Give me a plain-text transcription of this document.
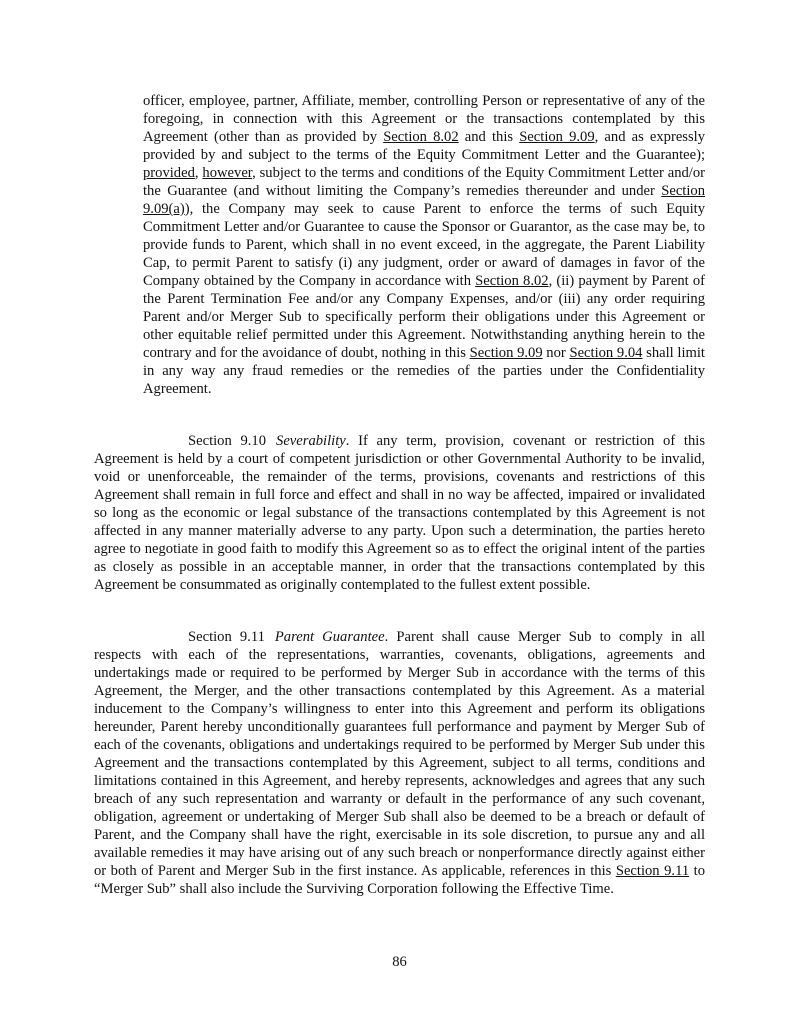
officer, employee, partner, Affiliate, member, controlling Person or representative of any of the foregoing, in connection with this Agreement or the transactions contemplated by this Agreement (other than as provided by Section 8.02 and this Section 9.09, and as expressly provided by and subject to the terms of the Equity Commitment Letter and the Guarantee); provided, however, subject to the terms and conditions of the Equity Commitment Letter and/or the Guarantee (and without limiting the Company’s remedies thereunder and under Section 9.09(a)), the Company may seek to cause Parent to enforce the terms of such Equity Commitment Letter and/or Guarantee to cause the Sponsor or Guarantor, as the case may be, to provide funds to Parent, which shall in no event exceed, in the aggregate, the Parent Liability Cap, to permit Parent to satisfy (i) any judgment, order or award of damages in favor of the Company obtained by the Company in accordance with Section 8.02, (ii) payment by Parent of the Parent Termination Fee and/or any Company Expenses, and/or (iii) any order requiring Parent and/or Merger Sub to specifically perform their obligations under this Agreement or other equitable relief permitted under this Agreement. Notwithstanding anything herein to the contrary and for the avoidance of doubt, nothing in this Section 9.09 nor Section 9.04 shall limit in any way any fraud remedies or the remedies of the parties under the Confidentiality Agreement.

Section 9.10 Severability. If any term, provision, covenant or restriction of this Agreement is held by a court of competent jurisdiction or other Governmental Authority to be invalid, void or unenforceable, the remainder of the terms, provisions, covenants and restrictions of this Agreement shall remain in full force and effect and shall in no way be affected, impaired or invalidated so long as the economic or legal substance of the transactions contemplated by this Agreement is not affected in any manner materially adverse to any party. Upon such a determination, the parties hereto agree to negotiate in good faith to modify this Agreement so as to effect the original intent of the parties as closely as possible in an acceptable manner, in order that the transactions contemplated by this Agreement be consummated as originally contemplated to the fullest extent possible.

Section 9.11 Parent Guarantee. Parent shall cause Merger Sub to comply in all respects with each of the representations, warranties, covenants, obligations, agreements and undertakings made or required to be performed by Merger Sub in accordance with the terms of this Agreement, the Merger, and the other transactions contemplated by this Agreement. As a material inducement to the Company’s willingness to enter into this Agreement and perform its obligations hereunder, Parent hereby unconditionally guarantees full performance and payment by Merger Sub of each of the covenants, obligations and undertakings required to be performed by Merger Sub under this Agreement and the transactions contemplated by this Agreement, subject to all terms, conditions and limitations contained in this Agreement, and hereby represents, acknowledges and agrees that any such breach of any such representation and warranty or default in the performance of any such covenant, obligation, agreement or undertaking of Merger Sub shall also be deemed to be a breach or default of Parent, and the Company shall have the right, exercisable in its sole discretion, to pursue any and all available remedies it may have arising out of any such breach or nonperformance directly against either or both of Parent and Merger Sub in the first instance. As applicable, references in this Section 9.11 to “Merger Sub” shall also include the Surviving Corporation following the Effective Time.

86
